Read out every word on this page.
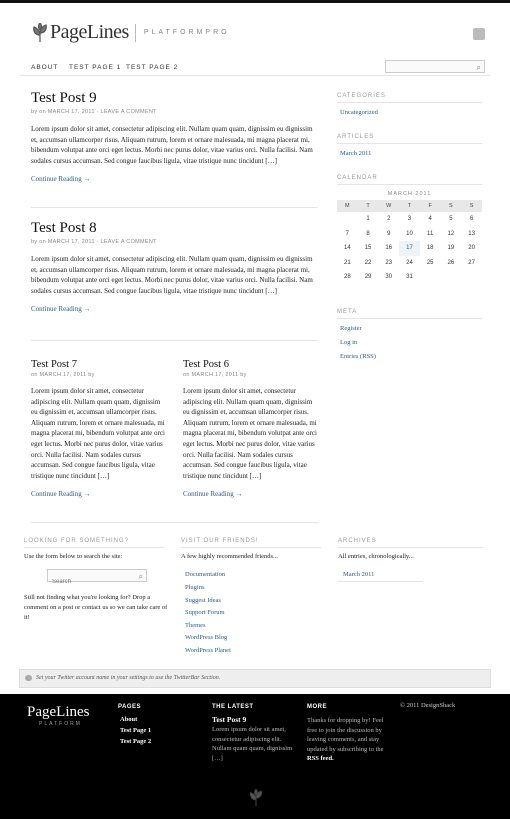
PageLines PLATFORMPRO
ABOUT TEST PAGE 1 TEST PAGE 2	⌕
Test Post 9
by on MARCH 17, 2011 · LEAVE A COMMENT
Lorem ipsum dolor sit amet, consectetur adipiscing elit. Nullam quam quam, dignissim eu dignissim et, accumsan ullamcorper risus. Aliquam rutrum, lorem et ornare malesuada, mi magna placerat mi, bibendum volutpat ante orci eget lectus. Morbi nec purus dolor, vitae varius orci. Nulla facilisi. Nam sodales cursus accumsan. Sed congue faucibus ligula, vitae tristique nunc tincidunt […]
Continue Reading →
Test Post 8
by on MARCH 17, 2011 · LEAVE A COMMENT
Lorem ipsum dolor sit amet, consectetur adipiscing elit. Nullam quam quam, dignissim eu dignissim et, accumsan ullamcorper risus. Aliquam rutrum, lorem et ornare malesuada, mi magna placerat mi, bibendum volutpat ante orci eget lectus. Morbi nec purus dolor, vitae varius orci. Nulla facilisi. Nam sodales cursus accumsan. Sed congue faucibus ligula, vitae tristique nunc tincidunt […]
Continue Reading →
Test Post 7
on MARCH 17, 2011 by
Lorem ipsum dolor sit amet, consectetur adipiscing elit. Nullam quam quam, dignissim eu dignissim et, accumsan ullamcorper risus. Aliquam rutrum, lorem et ornare malesuada, mi magna placerat mi, bibendum volutpat ante orci eget lectus. Morbi nec purus dolor, vitae varius orci. Nulla facilisi. Nam sodales cursus accumsan. Sed congue faucibus ligula, vitae tristique nunc tincidunt […]
Continue Reading →
Test Post 6
on MARCH 17, 2011 by
Lorem ipsum dolor sit amet, consectetur adipiscing elit. Nullam quam quam, dignissim eu dignissim et, accumsan ullamcorper risus. Aliquam rutrum, lorem et ornare malesuada, mi magna placerat mi, bibendum volutpat ante orci eget lectus. Morbi nec purus dolor, vitae varius orci. Nulla facilisi. Nam sodales cursus accumsan. Sed congue faucibus ligula, vitae tristique nunc tincidunt […]
Continue Reading →
CATEGORIES
Uncategorized
ARTICLES
March 2011
CALENDAR
MARCH 2011
M	T	W	T	F	S	S
	1	2	3	4	5	6
7	8	9	10	11	12	13
14	15	16	17	18	19	20
21	22	23	24	25	26	27
28	29	30	31			
META
Register
Log in
Entries (RSS)
LOOKING FOR SOMETHING?
Use the form below to search the site:
Search
⌕
Still not finding what you're looking for? Drop a comment on a post or contact us so we can take care of it!
VISIT OUR FRIENDS!
A few highly recommended friends...
Documentation
Plugins
Suggest Ideas
Support Forum
Themes
WordPress Blog
WordPress Planet
ARCHIVES
All entries, chronologically...
March 2011
Set your Twitter account name in your settings to use the TwitterBar Section.
PageLines
PLATFORM
PAGES
About
Test Page 1
Test Page 2
THE LATEST
Test Post 9
Lorem ipsum dolor sit amet, consectetur adipiscing elit. Nullam quam quam, dignissim […]
MORE
Thanks for dropping by! Feel free to join the discussion by leaving comments, and stay updated by subscribing to the RSS feed.
© 2011 DesignShack
